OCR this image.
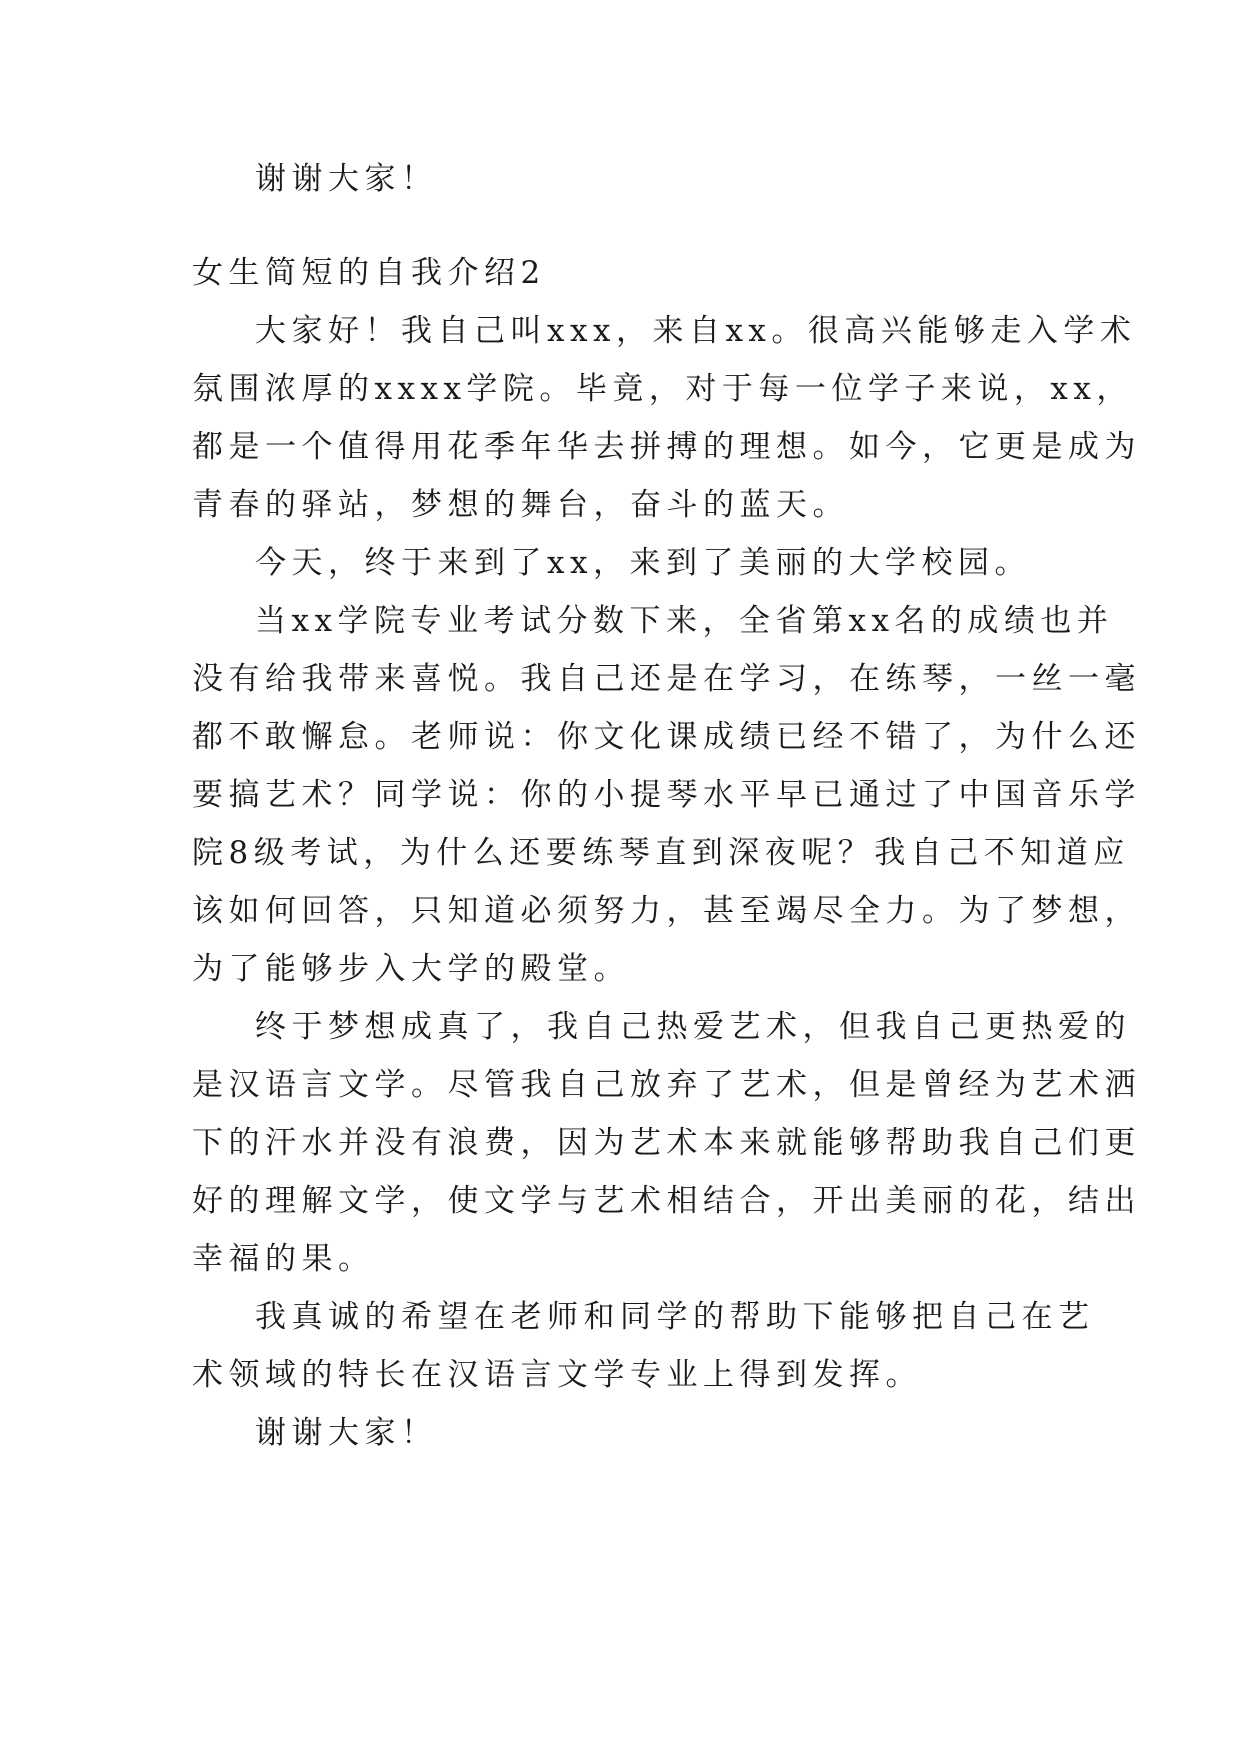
谢谢大家！
女生简短的自我介绍2
大家好！我自己叫xxx，来自xx。很高兴能够走入学术
氛围浓厚的xxxx学院。毕竟，对于每一位学子来说，xx，
都是一个值得用花季年华去拼搏的理想。如今，它更是成为
青春的驿站，梦想的舞台，奋斗的蓝天。
今天，终于来到了xx，来到了美丽的大学校园。
当xx学院专业考试分数下来，全省第xx名的成绩也并
没有给我带来喜悦。我自己还是在学习，在练琴，一丝一毫
都不敢懈怠。老师说：你文化课成绩已经不错了，为什么还
要搞艺术？同学说：你的小提琴水平早已通过了中国音乐学
院8级考试，为什么还要练琴直到深夜呢？我自己不知道应
该如何回答，只知道必须努力，甚至竭尽全力。为了梦想，
为了能够步入大学的殿堂。
终于梦想成真了，我自己热爱艺术，但我自己更热爱的
是汉语言文学。尽管我自己放弃了艺术，但是曾经为艺术洒
下的汗水并没有浪费，因为艺术本来就能够帮助我自己们更
好的理解文学，使文学与艺术相结合，开出美丽的花，结出
幸福的果。
我真诚的希望在老师和同学的帮助下能够把自己在艺
术领域的特长在汉语言文学专业上得到发挥。
谢谢大家！
